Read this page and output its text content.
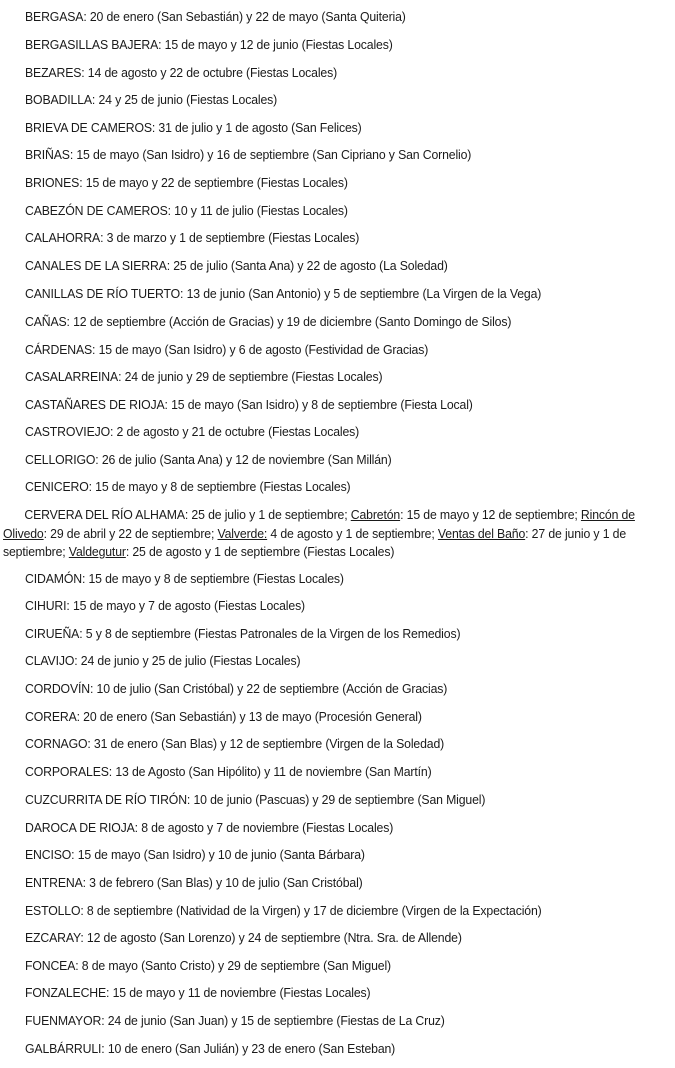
BERGASA: 20 de enero (San Sebastián) y 22 de mayo (Santa Quiteria)
BERGASILLAS BAJERA: 15 de mayo y 12 de junio (Fiestas Locales)
BEZARES: 14 de agosto y 22 de octubre (Fiestas Locales)
BOBADILLA: 24 y 25 de junio (Fiestas Locales)
BRIEVA DE CAMEROS: 31 de julio y 1 de agosto (San Felices)
BRIÑAS: 15 de mayo (San Isidro) y 16 de septiembre (San Cipriano y San Cornelio)
BRIONES: 15 de mayo y 22 de septiembre (Fiestas Locales)
CABEZÓN DE CAMEROS: 10 y 11 de julio (Fiestas Locales)
CALAHORRA: 3 de marzo y 1 de septiembre (Fiestas Locales)
CANALES DE LA SIERRA: 25 de julio (Santa Ana) y 22 de agosto (La Soledad)
CANILLAS DE RÍO TUERTO: 13 de junio (San Antonio) y 5 de septiembre (La Virgen de la Vega)
CAÑAS: 12 de septiembre (Acción de Gracias) y 19 de diciembre (Santo Domingo de Silos)
CÁRDENAS: 15 de mayo (San Isidro) y 6 de agosto (Festividad de Gracias)
CASALARREINA: 24 de junio y 29 de septiembre (Fiestas Locales)
CASTAÑARES DE RIOJA: 15 de mayo (San Isidro) y 8 de septiembre (Fiesta Local)
CASTROVIEJO: 2 de agosto y 21 de octubre (Fiestas Locales)
CELLORIGO: 26 de julio (Santa Ana) y 12 de noviembre (San Millán)
CENICERO: 15 de mayo y 8 de septiembre (Fiestas Locales)
CERVERA DEL RÍO ALHAMA: 25 de julio y 1 de septiembre; Cabretón: 15 de mayo y 12 de septiembre; Rincón de Olivedo: 29 de abril y 22 de septiembre; Valverde: 4 de agosto y 1 de septiembre; Ventas del Baño: 27 de junio y 1 de septiembre; Valdegutur: 25 de agosto y 1 de septiembre (Fiestas Locales)
CIDAMÓN: 15 de mayo y 8 de septiembre (Fiestas Locales)
CIHURI: 15 de mayo y 7 de agosto (Fiestas Locales)
CIRUEÑA: 5 y 8 de septiembre (Fiestas Patronales de la Virgen de los Remedios)
CLAVIJO: 24 de junio y 25 de julio (Fiestas Locales)
CORDOVÍN: 10 de julio (San Cristóbal) y 22 de septiembre (Acción de Gracias)
CORERA: 20 de enero (San Sebastián) y 13 de mayo (Procesión General)
CORNAGO: 31 de enero (San Blas) y 12 de septiembre (Virgen de la Soledad)
CORPORALES: 13 de Agosto (San Hipólito) y 11 de noviembre (San Martín)
CUZCURRITA DE RÍO TIRÓN: 10 de junio (Pascuas) y 29 de septiembre (San Miguel)
DAROCA DE RIOJA: 8 de agosto y 7 de noviembre (Fiestas Locales)
ENCISO: 15 de mayo (San Isidro) y 10 de junio (Santa Bárbara)
ENTRENA: 3 de febrero (San Blas) y 10 de julio (San Cristóbal)
ESTOLLO: 8 de septiembre (Natividad de la Virgen) y 17 de diciembre (Virgen de la Expectación)
EZCARAY: 12 de agosto (San Lorenzo) y 24 de septiembre (Ntra. Sra. de Allende)
FONCEA: 8 de mayo (Santo Cristo) y 29 de septiembre (San Miguel)
FONZALECHE: 15 de mayo y 11 de noviembre (Fiestas Locales)
FUENMAYOR: 24 de junio (San Juan) y 15 de septiembre (Fiestas de La Cruz)
GALBÁRRULI: 10 de enero (San Julián) y 23 de enero (San Esteban)
